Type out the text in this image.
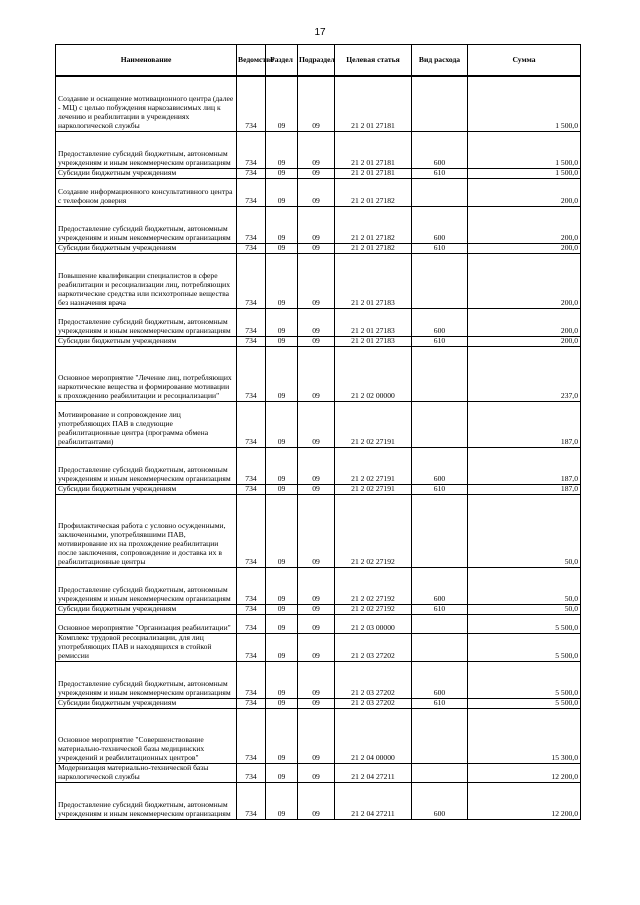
17
Наименование	Ведомство	Раздел	Подраздел	Целевая статья	Вид расхода	Сумма
Создание и оснащение мотивационного центра (далее - МЦ) с целью побуждения наркозависимых лиц к лечению и реабилитации в учреждениях наркологической службы	734	09	09	21 2 01 27181		1 500,0
Предоставление субсидий бюджетным, автономным учреждениям и иным некоммерческим организациям	734	09	09	21 2 01 27181	600	1 500,0
Субсидии бюджетным учреждениям	734	09	09	21 2 01 27181	610	1 500,0
Создание информационного консультативного центра с телефоном доверия	734	09	09	21 2 01 27182		200,0
Предоставление субсидий бюджетным, автономным учреждениям и иным некоммерческим организациям	734	09	09	21 2 01 27182	600	200,0
Субсидии бюджетным учреждениям	734	09	09	21 2 01 27182	610	200,0
Повышение квалификации специалистов в сфере реабилитации и ресоциализации лиц, потребляющих наркотические средства или психотропные вещества без назначения врача	734	09	09	21 2 01 27183		200,0
Предоставление субсидий бюджетным, автономным учреждениям и иным некоммерческим организациям	734	09	09	21 2 01 27183	600	200,0
Субсидии бюджетным учреждениям	734	09	09	21 2 01 27183	610	200,0
Основное мероприятие "Лечение лиц, потребляющих наркотические вещества и формирование мотивации к прохождению реабилитации и ресоциализации"	734	09	09	21 2 02 00000		237,0
Мотивирование и сопровождение лиц употребляющих ПАВ в следующие реабилитационные центра (программа обмена реабилитантами)	734	09	09	21 2 02 27191		187,0
Предоставление субсидий бюджетным, автономным учреждениям и иным некоммерческим организациям	734	09	09	21 2 02 27191	600	187,0
Субсидии бюджетным учреждениям	734	09	09	21 2 02 27191	610	187,0
Профилактическая работа с условно осужденными, заключенными, употреблявшими ПАВ, мотивирование их на прохождение реабилитации после заключения, сопровождение и доставка их в реабилитационные центры	734	09	09	21 2 02 27192		50,0
Предоставление субсидий бюджетным, автономным учреждениям и иным некоммерческим организациям	734	09	09	21 2 02 27192	600	50,0
Субсидии бюджетным учреждениям	734	09	09	21 2 02 27192	610	50,0
Основное мероприятие "Организация реабилитации"	734	09	09	21 2 03 00000		5 500,0
Комплекс трудовой ресоциализации, для лиц употребляющих ПАВ и находящихся в стойкой ремиссии	734	09	09	21 2 03 27202		5 500,0
Предоставление субсидий бюджетным, автономным учреждениям и иным некоммерческим организациям	734	09	09	21 2 03 27202	600	5 500,0
Субсидии бюджетным учреждениям	734	09	09	21 2 03 27202	610	5 500,0
Основное мероприятие "Совершенствование материально-технической базы медицинских учреждений и реабилитационных центров"	734	09	09	21 2 04 00000		15 300,0
Модернизация материально-технической базы наркологической службы	734	09	09	21 2 04 27211		12 200,0
Предоставление субсидий бюджетным, автономным учреждениям и иным некоммерческим организациям	734	09	09	21 2 04 27211	600	12 200,0
